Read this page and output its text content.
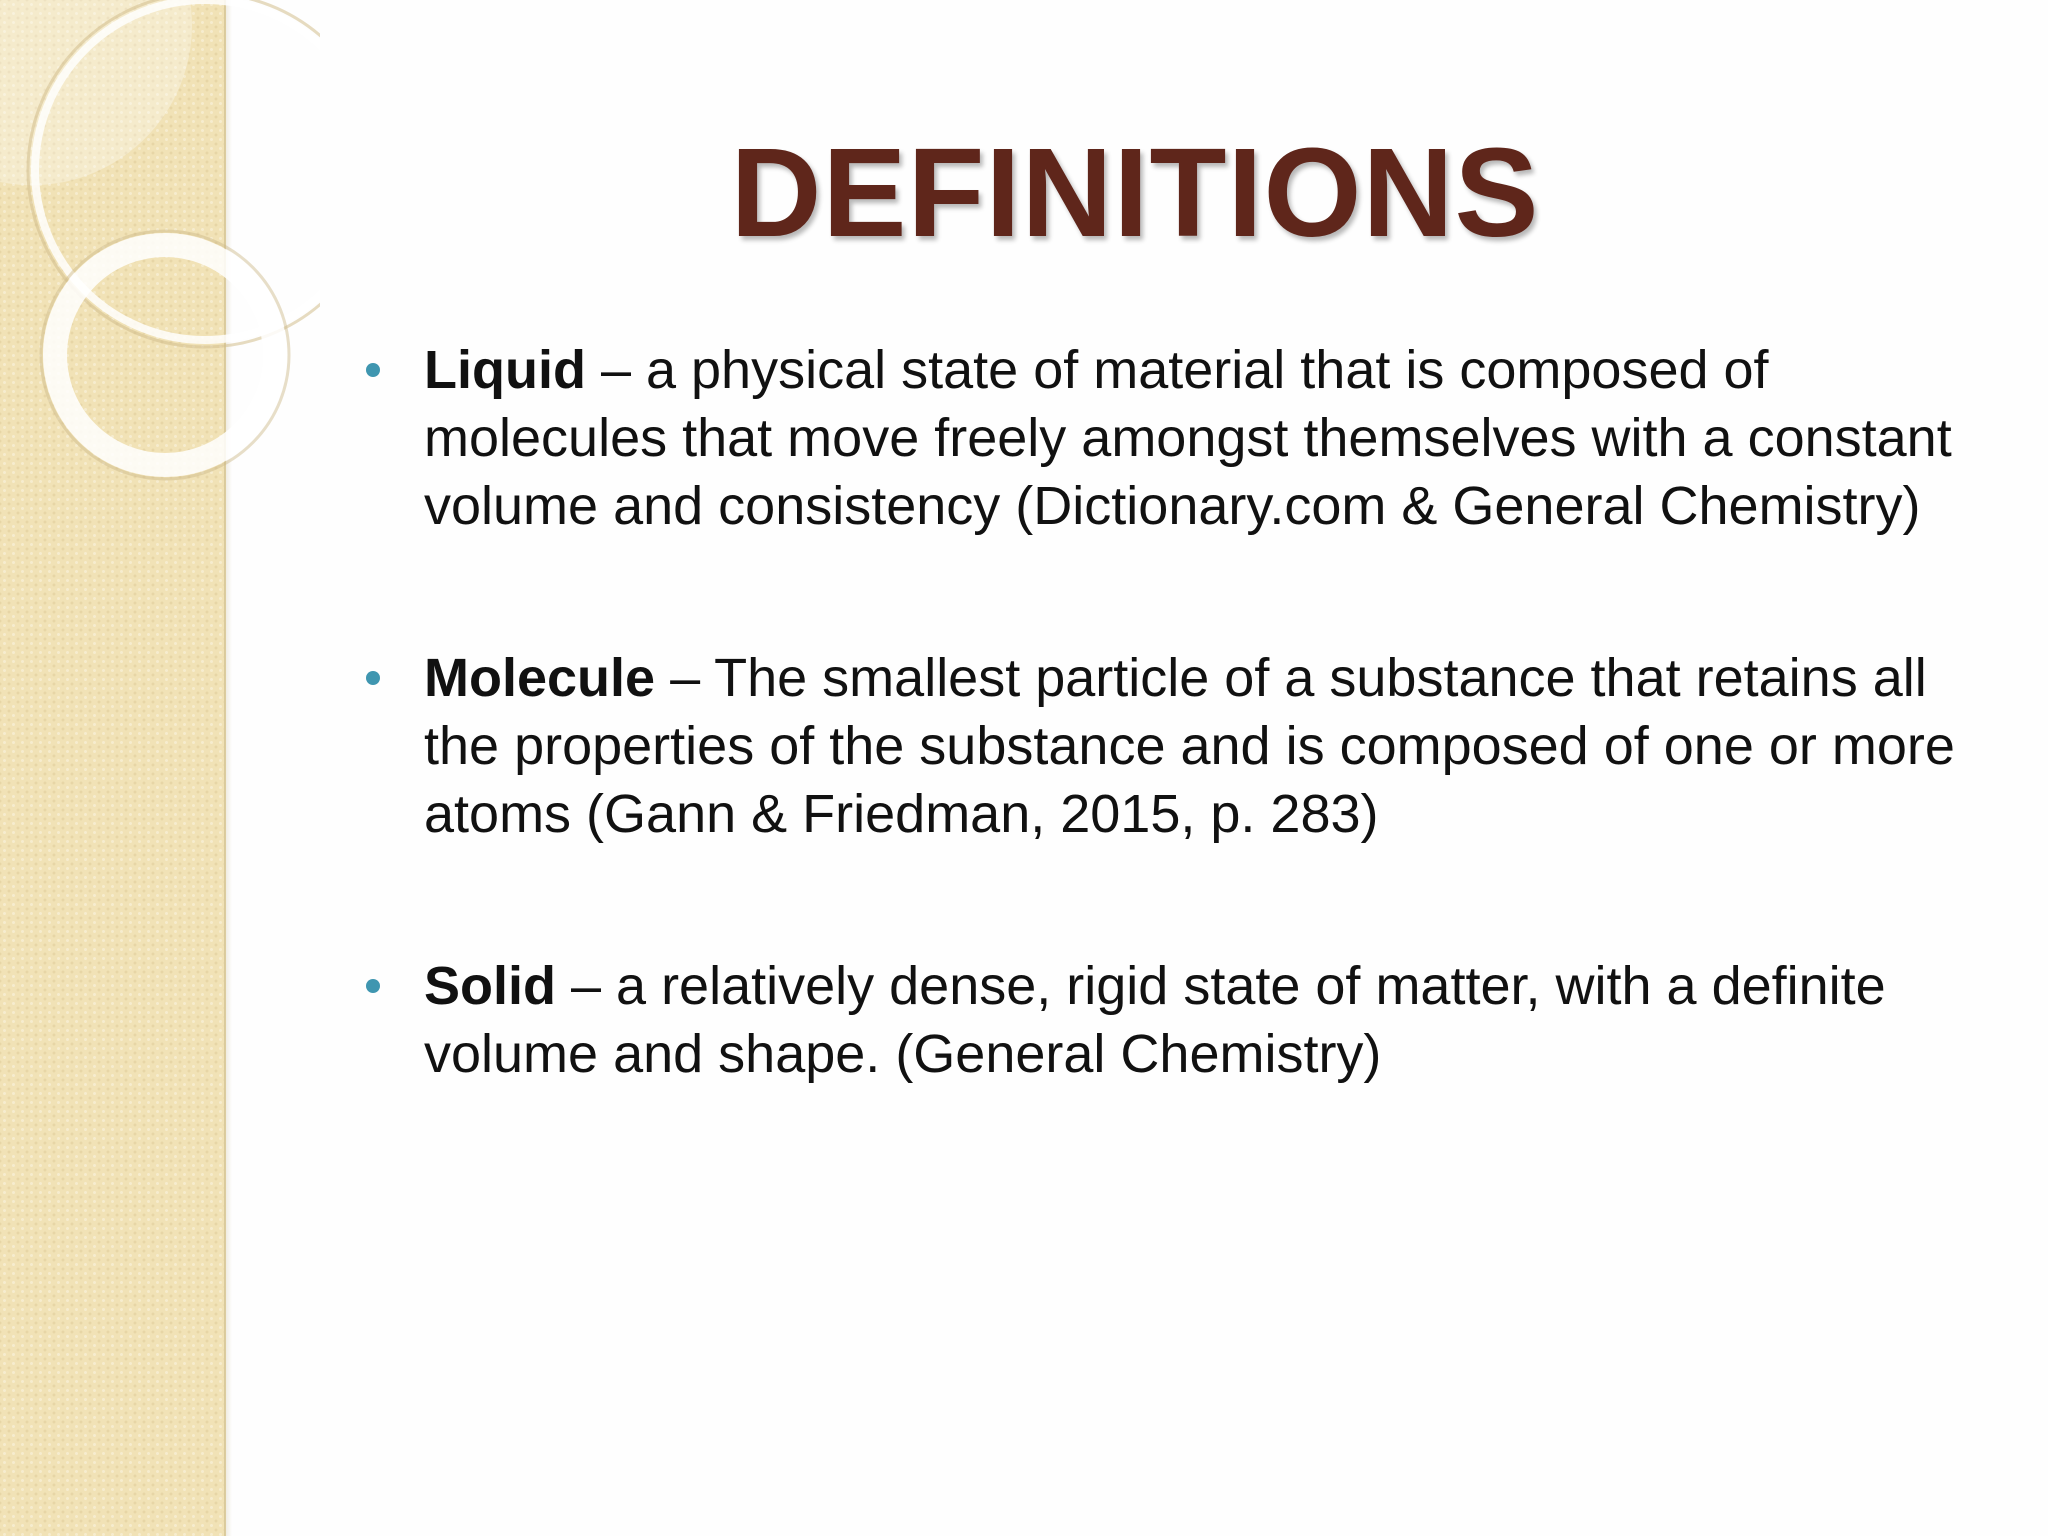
DEFINITIONS
Liquid – a physical state of material that is composed of molecules that move freely amongst themselves with a constant volume and consistency (Dictionary.com & General Chemistry)
Molecule – The smallest particle of a substance that retains all the properties of the substance and is composed of one or more atoms (Gann & Friedman, 2015, p. 283)
Solid – a relatively dense, rigid state of matter, with a definite volume and shape. (General Chemistry)
